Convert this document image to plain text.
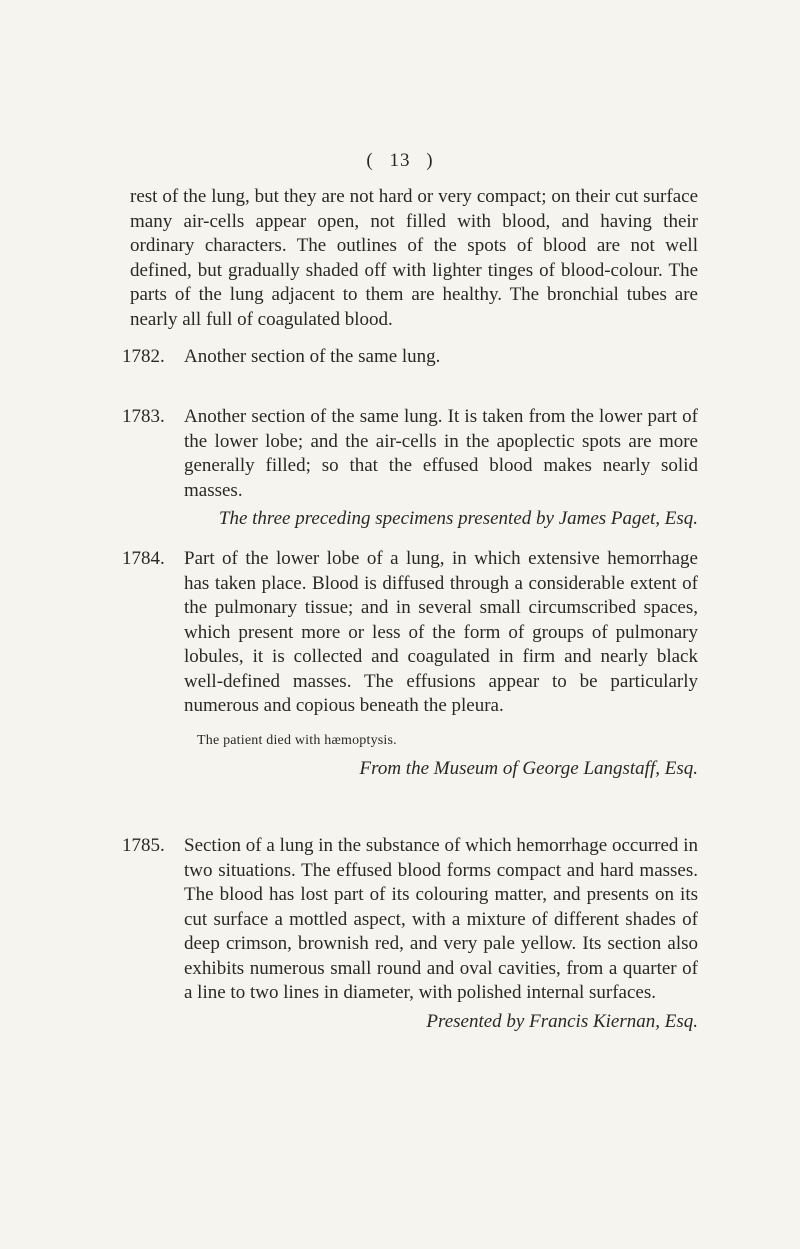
( 13 )

rest of the lung, but they are not hard or very compact; on their cut surface many air-cells appear open, not filled with blood, and having their ordinary characters. The outlines of the spots of blood are not well defined, but gradually shaded off with lighter tinges of blood-colour. The parts of the lung adjacent to them are healthy. The bronchial tubes are nearly all full of coagulated blood.

1782. Another section of the same lung.

1783. Another section of the same lung. It is taken from the lower part of the lower lobe; and the air-cells in the apoplectic spots are more generally filled; so that the effused blood makes nearly solid masses.

The three preceding specimens presented by James Paget, Esq.

1784. Part of the lower lobe of a lung, in which extensive hemorrhage has taken place. Blood is diffused through a considerable extent of the pulmonary tissue; and in several small circumscribed spaces, which present more or less of the form of groups of pulmonary lobules, it is collected and coagulated in firm and nearly black well-defined masses. The effusions appear to be particularly numerous and copious beneath the pleura.

The patient died with hæmoptysis.

From the Museum of George Langstaff, Esq.

1785. Section of a lung in the substance of which hemorrhage occurred in two situations. The effused blood forms compact and hard masses. The blood has lost part of its colouring matter, and presents on its cut surface a mottled aspect, with a mixture of different shades of deep crimson, brownish red, and very pale yellow. Its section also exhibits numerous small round and oval cavities, from a quarter of a line to two lines in diameter, with polished internal surfaces.

Presented by Francis Kiernan, Esq.
